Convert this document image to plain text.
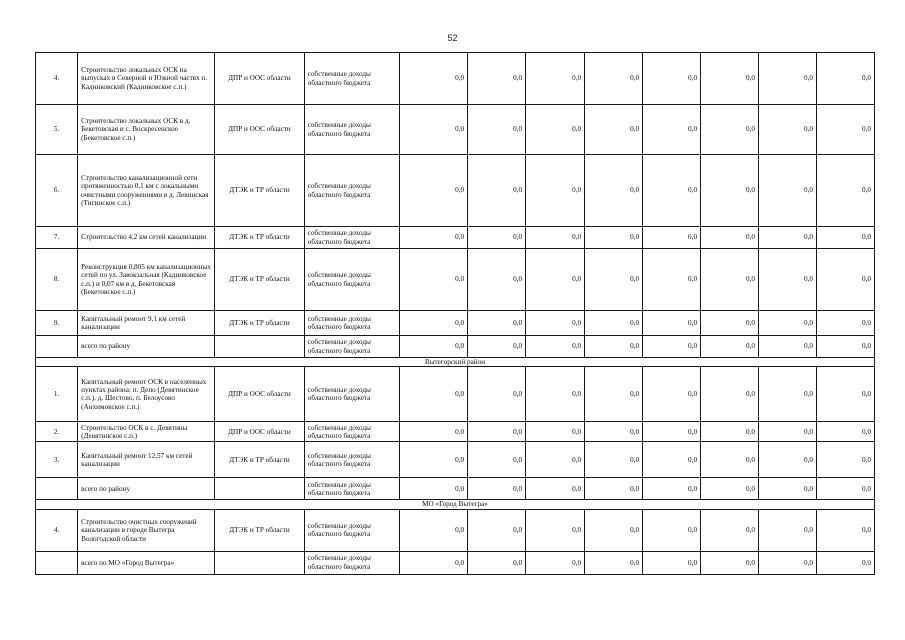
52
4.	Строительство локальных ОСК на выпусках в Северной и Южной частях п. Кадниковский (Кадниковское с.п.)	ДПР и ООС области	собственные доходы областного бюджета	0,0	0,0	0,0	0,0	0,0	0,0	0,0	0,0
5.	Строительство локальных ОСК в д. Бекетовская и с. Воскресенское (Бекетовское с.п.)	ДПР и ООС области	собственные доходы областного бюджета	0,0	0,0	0,0	0,0	0,0	0,0	0,0	0,0
6.	Строительство канализационной сети протяженностью 0,1 км с локальными очистными сооружениями в д. Левинская (Тигинское с.п.)	ДТЭК и ТР области	собственные доходы областного бюджета	0,0	0,0	0,0	0,0	0,0	0,0	0,0	0,0
7.	Строительство 4,2 км сетей канализации	ДТЭК и ТР области	собственные доходы областного бюджета	0,0	0,0	0,0	0,0	0,0	0,0	0,0	0,0
8.	Реконструкция 0,805 км канализационных сетей по ул. Завокзальная (Кадниковское с.п.) и 0,07 км в д. Бекетовская (Бекетовское с.п.)	ДТЭК и ТР области	собственные доходы областного бюджета	0,0	0,0	0,0	0,0	0,0	0,0	0,0	0,0
9.	Капитальный ремонт 9,1 км сетей канализации	ДТЭК и ТР области	собственные доходы областного бюджета	0,0	0,0	0,0	0,0	0,0	0,0	0,0	0,0
	всего по району		собственные доходы областного бюджета	0,0	0,0	0,0	0,0	0,0	0,0	0,0	0,0
Вытегорский район											
1.	Капитальный ремонт ОСК в населенных пунктах района: п. Депо (Девятинское с.п.), д. Шестово, п. Белоусово (Анхимовское с.п.)	ДПР и ООС области	собственные доходы областного бюджета	0,0	0,0	0,0	0,0	0,0	0,0	0,0	0,0
2.	Строительство ОСК в с. Девятины (Девятинское с.п.)	ДПР и ООС области	собственные доходы областного бюджета	0,0	0,0	0,0	0,0	0,0	0,0	0,0	0,0
3.	Капитальный ремонт 12,57 км сетей канализации	ДТЭК и ТР области	собственные доходы областного бюджета	0,0	0,0	0,0	0,0	0,0	0,0	0,0	0,0
	всего по району		собственные доходы областного бюджета	0,0	0,0	0,0	0,0	0,0	0,0	0,0	0,0
МО «Город Вытегра»											
4.	Строительство очистных сооружений канализации в городе Вытегра Вологодской области	ДТЭК и ТР области	собственные доходы областного бюджета	0,0	0,0	0,0	0,0	0,0	0,0	0,0	0,0
	всего по МО «Город Вытегра»		собственные доходы областного бюджета	0,0	0,0	0,0	0,0	0,0	0,0	0,0	0,0
